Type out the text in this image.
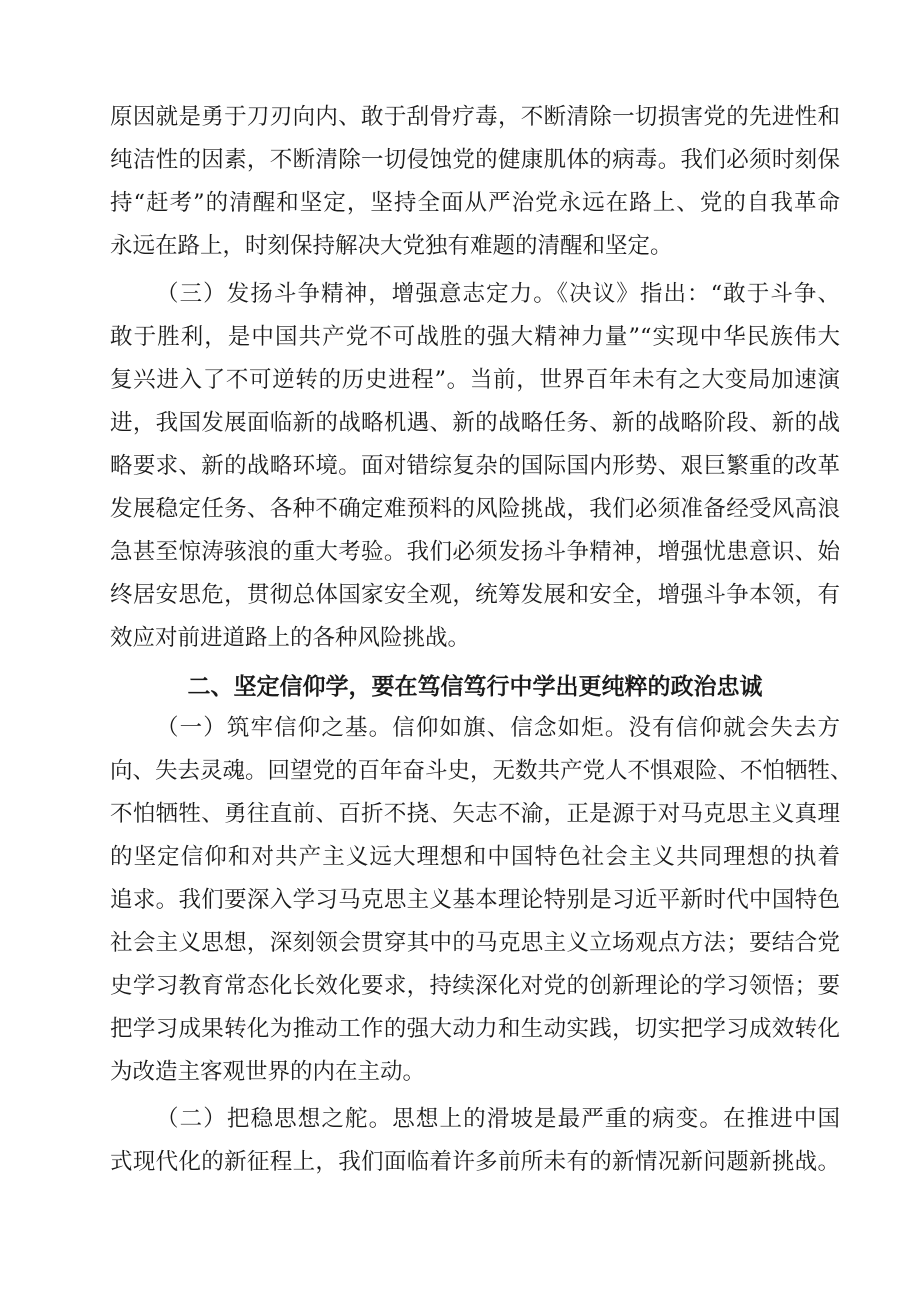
原因就是勇于刀刃向内、敢于刮骨疗毒，不断清除一切损害党的先进性和
纯洁性的因素，不断清除一切侵蚀党的健康肌体的病毒。我们必须时刻保
持“赶考”的清醒和坚定，坚持全面从严治党永远在路上、党的自我革命
永远在路上，时刻保持解决大党独有难题的清醒和坚定。
（三）发扬斗争精神，增强意志定力。《决议》指出：“敢于斗争、
敢于胜利，是中国共产党不可战胜的强大精神力量”“实现中华民族伟大
复兴进入了不可逆转的历史进程”。当前，世界百年未有之大变局加速演
进，我国发展面临新的战略机遇、新的战略任务、新的战略阶段、新的战
略要求、新的战略环境。面对错综复杂的国际国内形势、艰巨繁重的改革
发展稳定任务、各种不确定难预料的风险挑战，我们必须准备经受风高浪
急甚至惊涛骇浪的重大考验。我们必须发扬斗争精神，增强忧患意识、始
终居安思危，贯彻总体国家安全观，统筹发展和安全，增强斗争本领，有
效应对前进道路上的各种风险挑战。
二、坚定信仰学，要在笃信笃行中学出更纯粹的政治忠诚
（一）筑牢信仰之基。信仰如旗、信念如炬。没有信仰就会失去方
向、失去灵魂。回望党的百年奋斗史，无数共产党人不惧艰险、不怕牺牲、
不怕牺牲、勇往直前、百折不挠、矢志不渝，正是源于对马克思主义真理
的坚定信仰和对共产主义远大理想和中国特色社会主义共同理想的执着
追求。我们要深入学习马克思主义基本理论特别是习近平新时代中国特色
社会主义思想，深刻领会贯穿其中的马克思主义立场观点方法；要结合党
史学习教育常态化长效化要求，持续深化对党的创新理论的学习领悟；要
把学习成果转化为推动工作的强大动力和生动实践，切实把学习成效转化
为改造主客观世界的内在主动。
（二）把稳思想之舵。思想上的滑坡是最严重的病变。在推进中国
式现代化的新征程上，我们面临着许多前所未有的新情况新问题新挑战。
